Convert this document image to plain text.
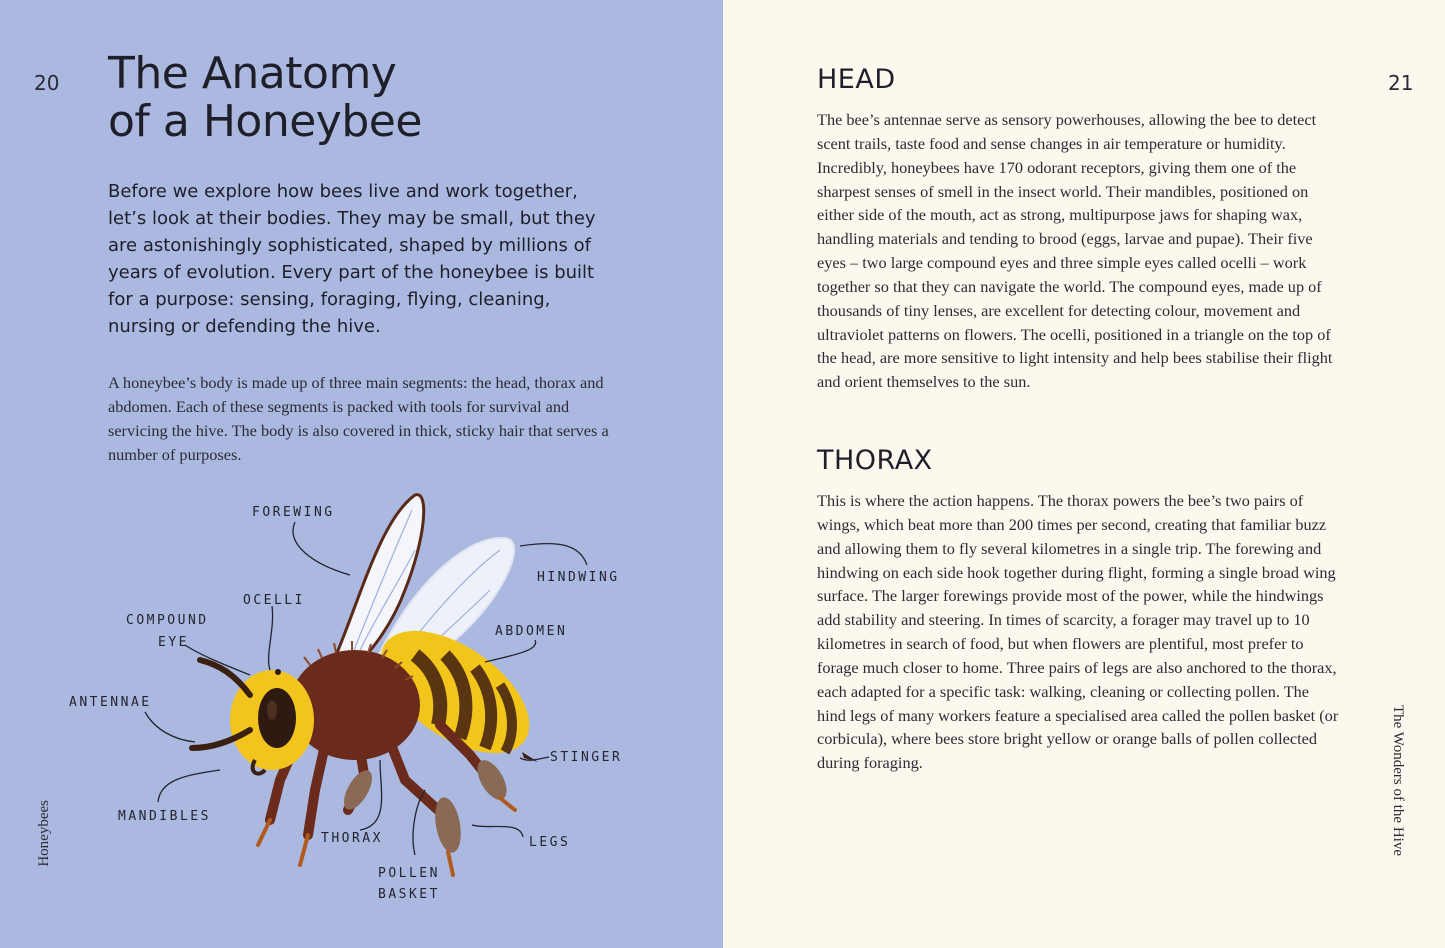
20 The Anatomy
of a Honeybee

Before we explore how bees live and work together, let’s look at their bodies. They may be small, but they are astonishingly sophisticated, shaped by millions of years of evolution. Every part of the honeybee is built for a purpose: sensing, foraging, flying, cleaning, nursing or defending the hive.

A honeybee’s body is made up of three main segments: the head, thorax and abdomen. Each of these segments is packed with tools for survival and servicing the hive. The body is also covered in thick, sticky hair that serves a number of purposes.

Honeybees
FOREWING
HINDWING
OCELLI
COMPOUND
EYE
ABDOMEN
ANTENNAE
STINGER
MANDIBLES
THORAX	LEGS
POLLEN
BASKET
21
HEAD

The bee’s antennae serve as sensory powerhouses, allowing the bee to detect scent trails, taste food and sense changes in air temperature or humidity. Incredibly, honeybees have 170 odorant receptors, giving them one of the sharpest senses of smell in the insect world. Their mandibles, positioned on either side of the mouth, act as strong, multipurpose jaws for shaping wax, handling materials and tending to brood (eggs, larvae and pupae). Their five eyes – two large compound eyes and three simple eyes called ocelli – work together so that they can navigate the world. The compound eyes, made up of thousands of tiny lenses, are excellent for detecting colour, movement and ultraviolet patterns on flowers. The ocelli, positioned in a triangle on the top of the head, are more sensitive to light intensity and help bees stabilise their flight and orient themselves to the sun.

THORAX

This is where the action happens. The thorax powers the bee’s two pairs of wings, which beat more than 200 times per second, creating that familiar buzz and allowing them to fly several kilometres in a single trip. The forewing and hindwing on each side hook together during flight, forming a single broad wing surface. The larger forewings provide most of the power, while the hindwings add stability and steering. In times of scarcity, a forager may travel up to 10 kilometres in search of food, but when flowers are plentiful, most prefer to forage much closer to home. Three pairs of legs are also anchored to the thorax, each adapted for a specific task: walking, cleaning or collecting pollen. The hind legs of many workers feature a specialised area called the pollen basket (or corbicula), where bees store bright yellow or orange balls of pollen collected during foraging.	The Wonders of the Hive
